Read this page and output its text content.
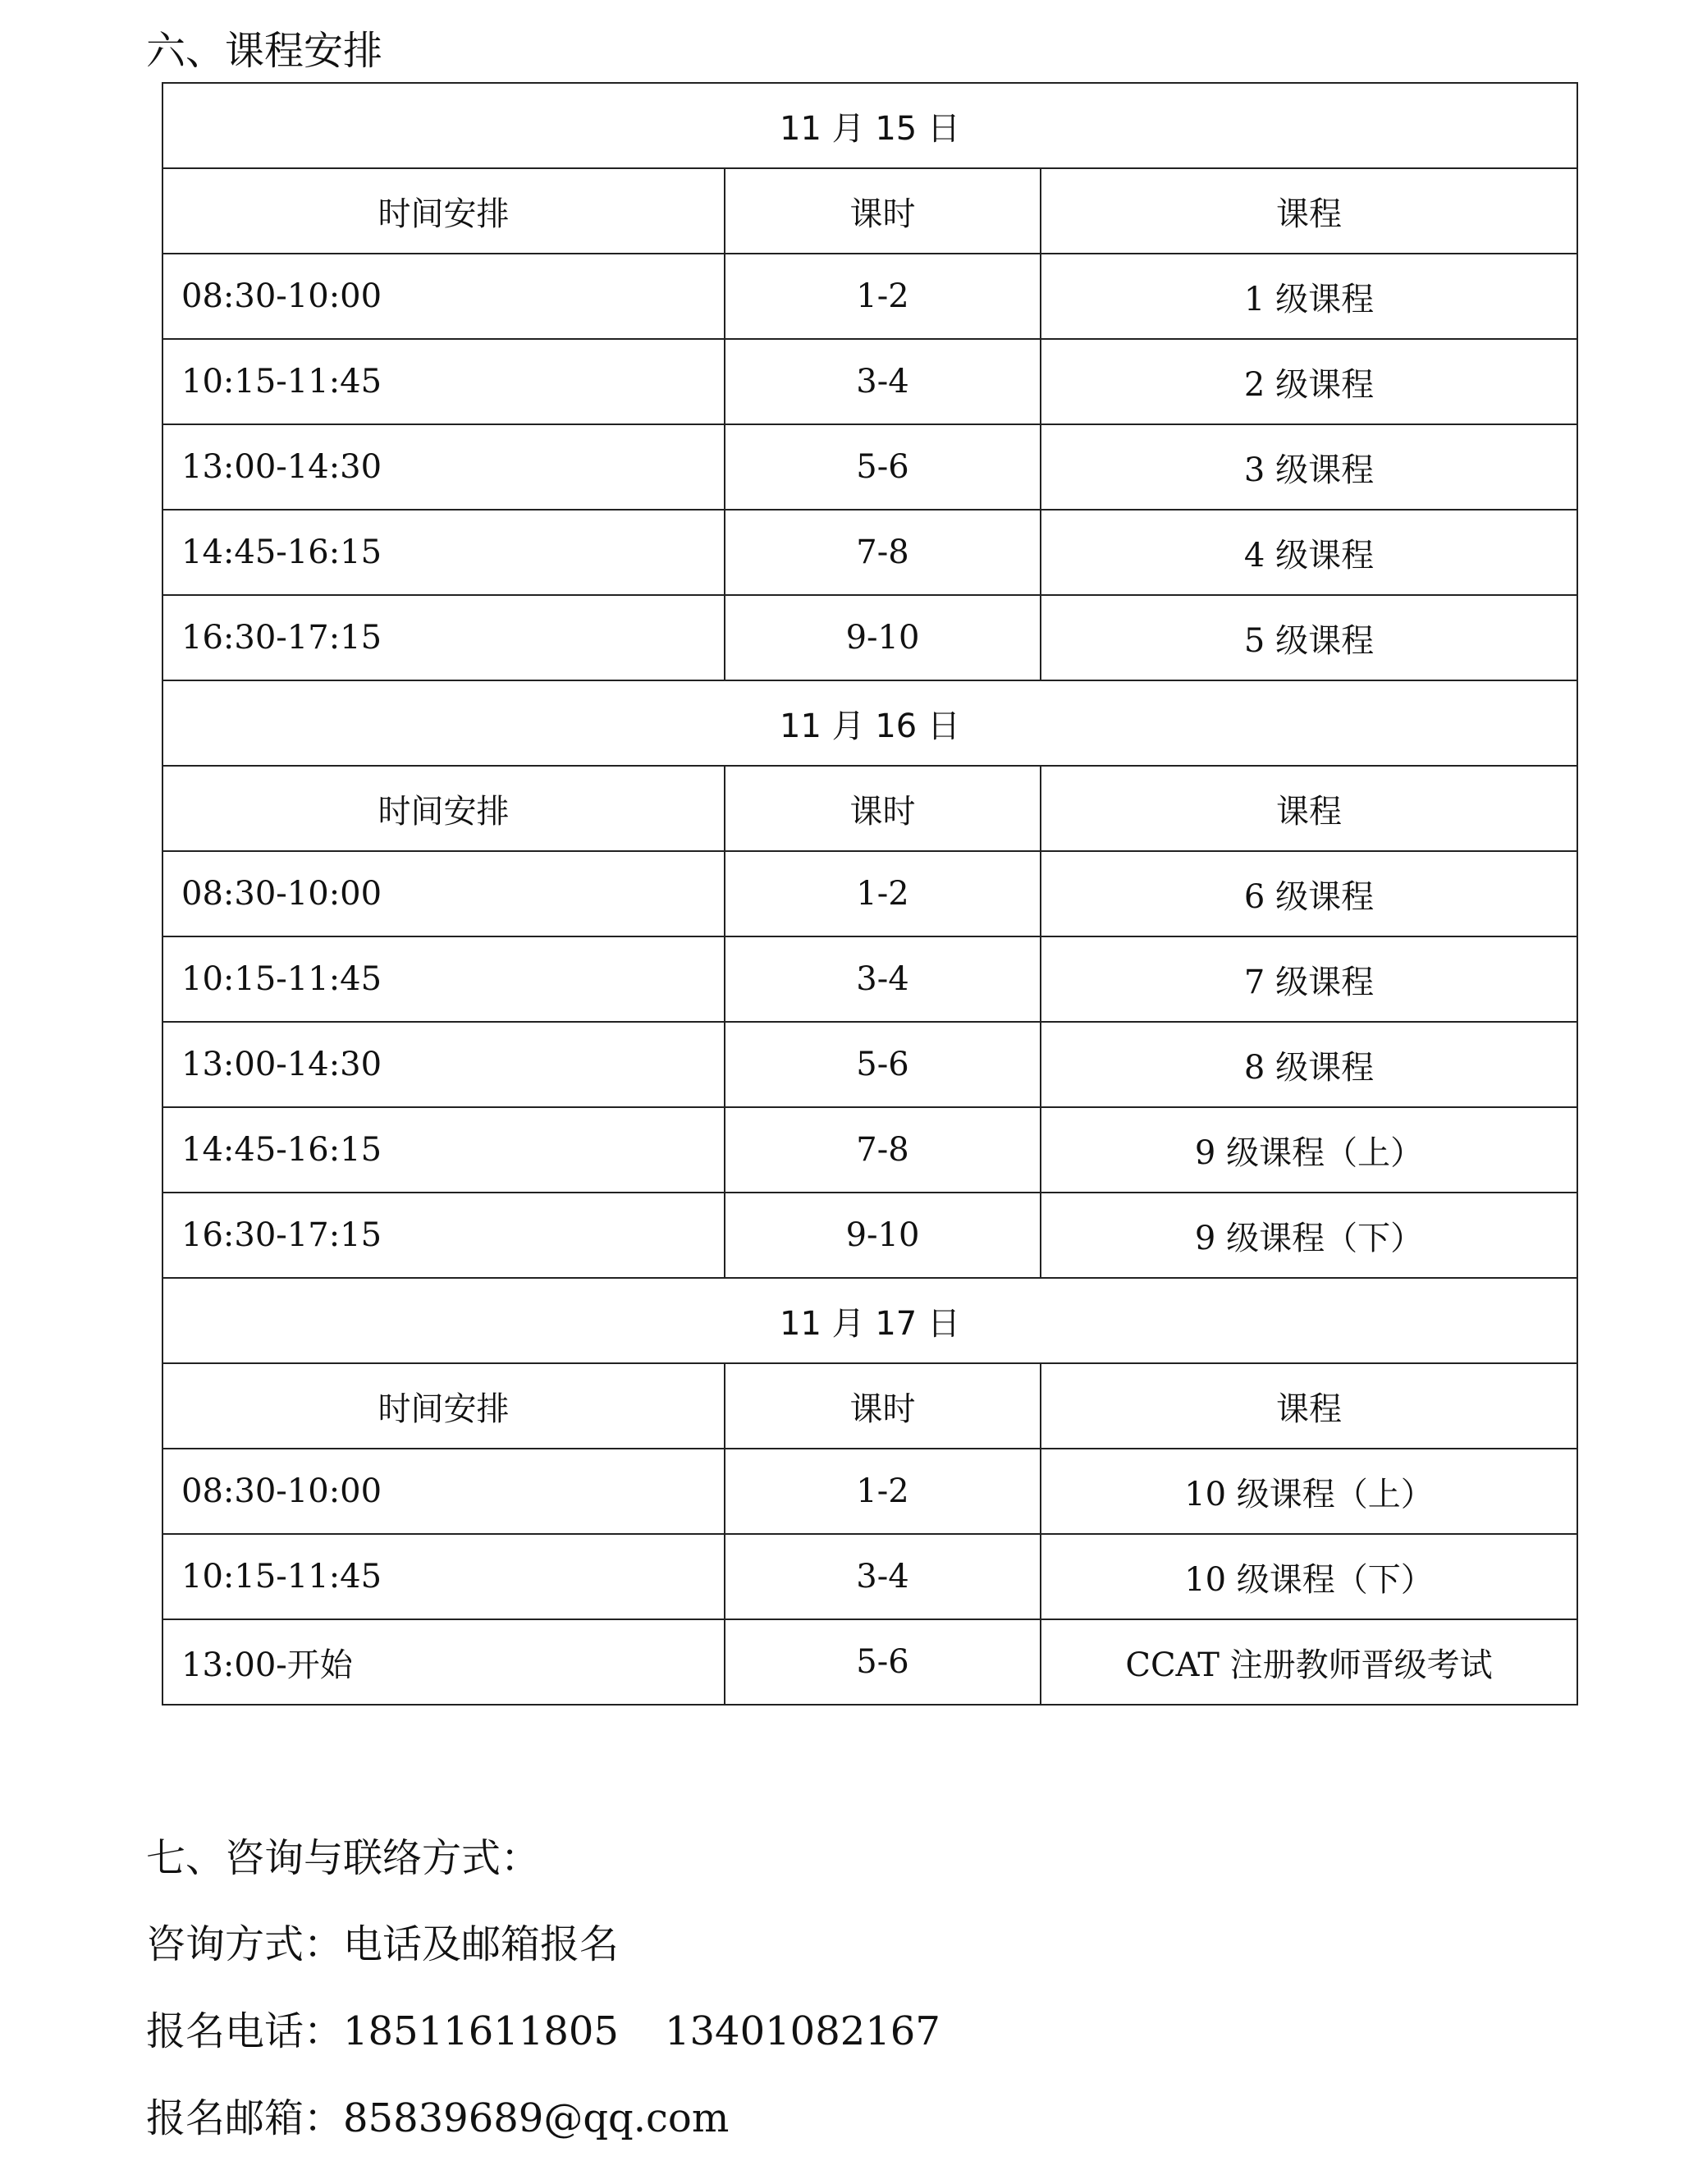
六、课程安排
11 月 15 日		
时间安排	课时	课程
08:30-10:00	1-2	1 级课程
10:15-11:45	3-4	2 级课程
13:00-14:30	5-6	3 级课程
14:45-16:15	7-8	4 级课程
16:30-17:15	9-10	5 级课程
11 月 16 日		
时间安排	课时	课程
08:30-10:00	1-2	6 级课程
10:15-11:45	3-4	7 级课程
13:00-14:30	5-6	8 级课程
14:45-16:15	7-8	9 级课程（上）
16:30-17:15	9-10	9 级课程（下）
11 月 17 日		
时间安排	课时	课程
08:30-10:00	1-2	10 级课程（上）
10:15-11:45	3-4	10 级课程（下）
13:00-开始	5-6	CCAT 注册教师晋级考试
七、咨询与联络方式：
咨询方式：电话及邮箱报名
报名电话：18511611805 13401082167
报名邮箱：85839689@qq.com
